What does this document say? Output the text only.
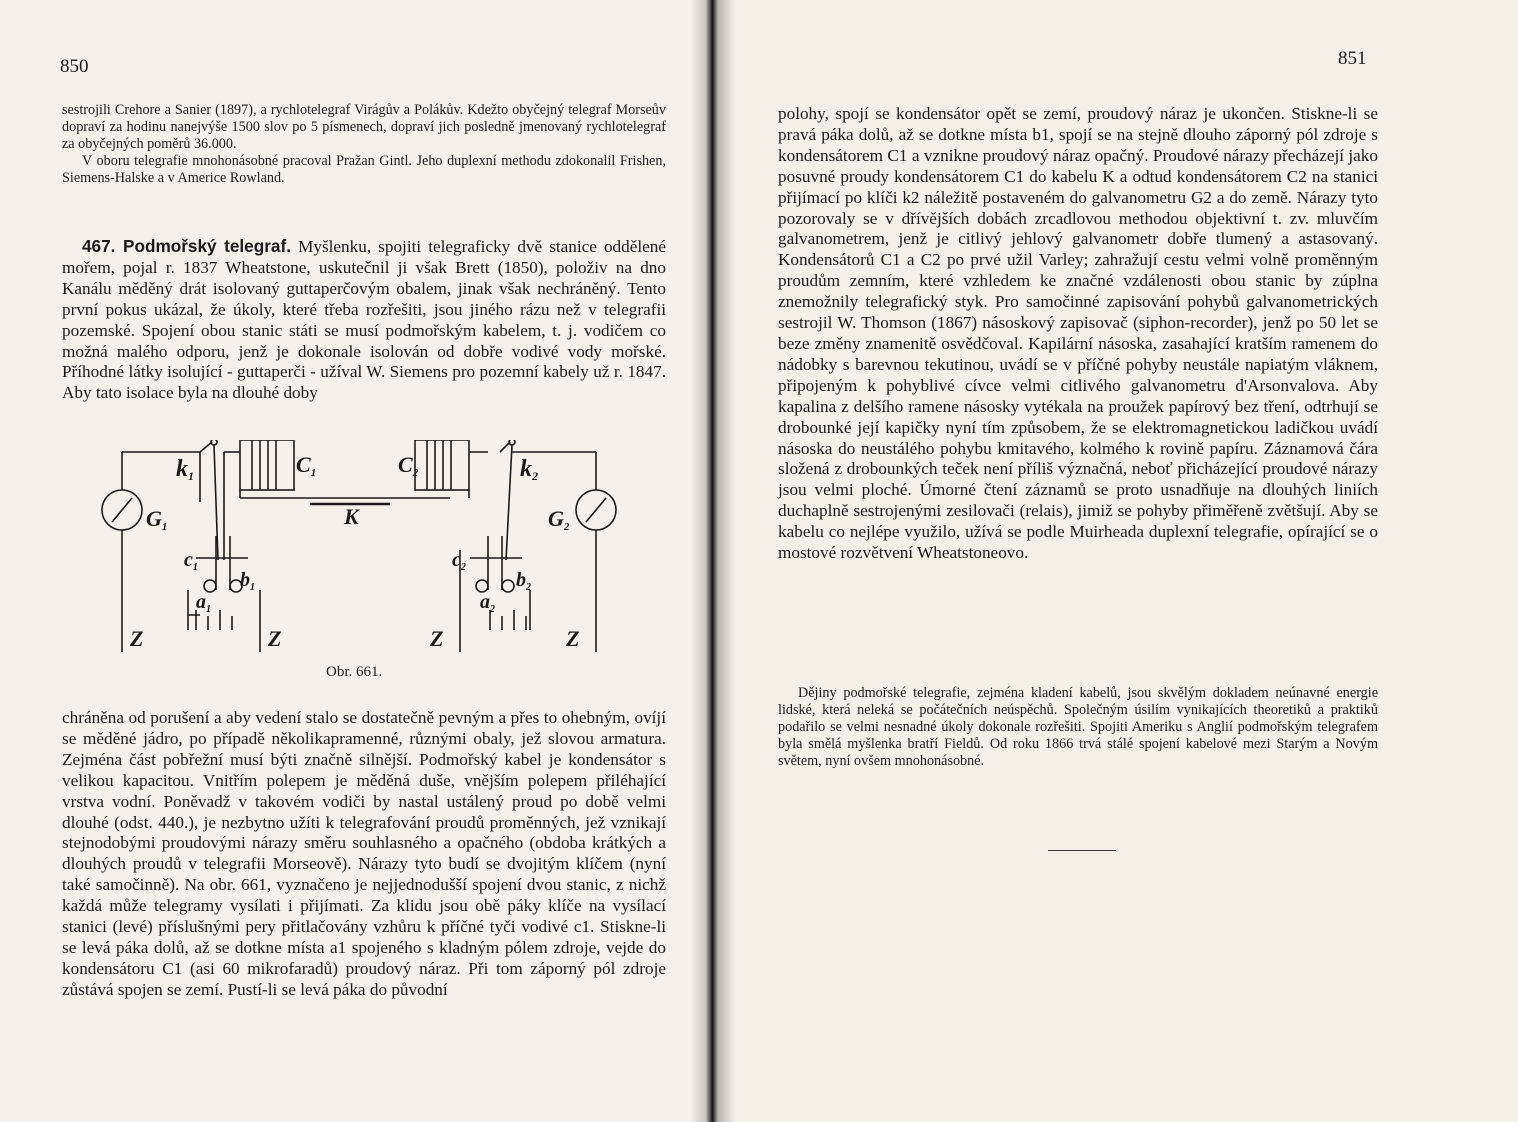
850	851

sestrojili Crehore a Sanier (1897), a rychlotelegraf Virágův a Polákův. Kdežto obyčejný telegraf Morseův dopraví za hodinu nanejvýše 1500 slov po 5 písmenech, dopraví jich posledně jmenovaný rychlotelegraf za obyčejných poměrů 36.000.

V oboru telegrafie mnohonásobné pracoval Pražan Gintl. Jeho duplexní methodu zdokonalil Frishen, Siemens-Halske a v Americe Rowland.

467. Podmořský telegraf. Myšlenku, spojiti telegraficky dvě stanice oddělené mořem, pojal r. 1837 Wheatstone, uskutečnil ji však Brett (1850), položiv na dno Kanálu měděný drát isolovaný guttaperčovým obalem, jinak však nechráněný. Tento první pokus ukázal, že úkoly, které třeba rozřešiti, jsou jiného rázu než v telegrafii pozemské. Spojení obou stanic státi se musí podmořským kabelem, t. j. vodičem co možná malého odporu, jenž je dokonale isolován od dobře vodivé vody mořské. Příhodné látky isolující - guttaperči - užíval W. Siemens pro pozemní kabely už r. 1847. Aby tato isolace byla na dlouhé doby
k1	C1	C2	k2
K
G1	G2
$c_1$	$c_2$
$a_1$
$b_1$
$a_2$
$b_2$
Z	Z	Z	Z
Obr. 661.
chráněna od porušení a aby vedení stalo se dostatečně pevným a přes to ohebným, ovíjí se měděné jádro, po případě několikapramenné, různými obaly, jež slovou armatura. Zejména část pobřežní musí býti značně silnější. Podmořský kabel je kondensátor s velikou kapacitou. Vnitřím polepem je měděná duše, vnějším polepem přiléhající vrstva vodní. Poněvadž v takovém vodiči by nastal ustálený proud po době velmi dlouhé (odst. 440.), je nezbytno užíti k telegrafování proudů proměnných, jež vznikají stejnodobými proudovými nárazy směru souhlasného a opačného (obdoba krátkých a dlouhých proudů v telegrafii Morseově). Nárazy tyto budí se dvojitým klíčem (nyní také samočinně). Na obr. 661, vyznačeno je nejjednodušší spojení dvou stanic, z nichž každá může telegramy vysílati i přijímati. Za klidu jsou obě páky klíče na vysílací stanici (levé) příslušnými pery přitlačovány vzhůru k příčné tyči vodivé c1. Stiskne-li se levá páka dolů, až se dotkne místa a1 spojeného s kladným pólem zdroje, vejde do kondensátoru C1 (asi 60 mikrofaradů) proudový náraz. Při tom záporný pól zdroje zůstává spojen se zemí. Pustí-li se levá páka do původní
polohy, spojí se kondensátor opět se zemí, proudový náraz je ukončen. Stiskne-li se pravá páka dolů, až se dotkne místa b1, spojí se na stejně dlouho záporný pól zdroje s kondensátorem C1 a vznikne proudový náraz opačný. Proudové nárazy přecházejí jako posuvné proudy kondensátorem C1 do kabelu K a odtud kondensátorem C2 na stanici přijímací po klíči k2 náležitě postaveném do galvanometru G2 a do země. Nárazy tyto pozorovaly se v dřívějších dobách zrcadlovou methodou objektivní t. zv. mluvčím galvanometrem, jenž je citlivý jehlový galvanometr dobře tlumený a astasovaný. Kondensátorů C1 a C2 po prvé užil Varley; zahražují cestu velmi volně proměnným proudům zemním, které vzhledem ke značné vzdálenosti obou stanic by zúplna znemožnily telegrafický styk. Pro samočinné zapisování pohybů galvanometrických sestrojil W. Thomson (1867) násoskový zapisovač (siphon-recorder), jenž po 50 let se beze změny znamenitě osvědčoval. Kapilární násoska, zasahající kratším ramenem do nádobky s barevnou tekutinou, uvádí se v příčné pohyby neustále napiatým vláknem, připojeným k pohyblivé cívce velmi citlivého galvanometru d'Arsonvalova. Aby kapalina z delšího ramene násosky vytékala na proužek papírový bez tření, odtrhují se drobounké její kapičky nyní tím způsobem, že se elektromagnetickou ladičkou uvádí násoska do neustálého pohybu kmitavého, kolmého k rovině papíru. Záznamová čára složená z drobounkých teček není příliš význačná, neboť přicházející proudové nárazy jsou velmi ploché. Úmorné čtení záznamů se proto usnadňuje na dlouhých liniích duchaplně sestrojenými zesilovači (relais), jimiž se pohyby přiměřeně zvětšují. Aby se kabelu co nejlépe využilo, užívá se podle Muirheada duplexní telegrafie, opírající se o mostové rozvětvení Wheatstoneovo.
Dějiny podmořské telegrafie, zejména kladení kabelů, jsou skvělým dokladem neúnavné energie lidské, která neleká se počátečních neúspěchů. Společným úsilím vynikajících theoretiků a praktiků podařilo se velmi nesnadné úkoly dokonale rozřešiti. Spojiti Ameriku s Anglií podmořským telegrafem byla smělá myšlenka bratří Fieldů. Od roku 1866 trvá stálé spojení kabelové mezi Starým a Novým světem, nyní ovšem mnohonásobné.
